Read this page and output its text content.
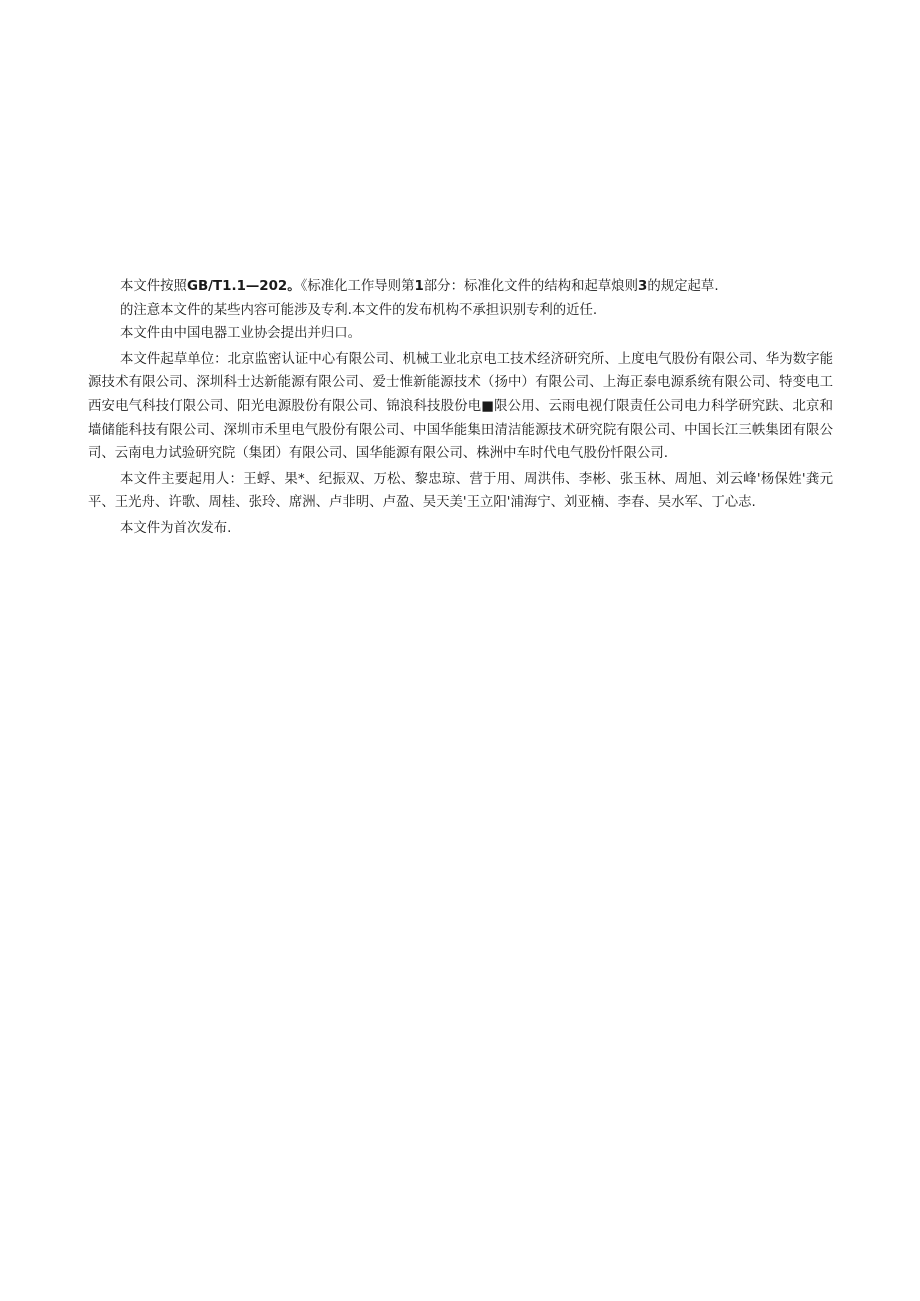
本文件按照GB/T1.1—202。《标准化工作导则第1部分：标准化文件的结构和起草烺则3的规定起草.

的注意本文件的某些内容可能涉及专利.本文件的发布机构不承担识别专利的近任.

本文件由中国电器工业协会提出并归口。

本文件起草单位：北京监密认证中心有限公司、机械工业北京电工技术经济研究所、上度电气股份有限公司、华为数字能源技术有限公司、深圳科士达新能源有限公司、爱士惟新能源技术（扬中）有限公司、上海正泰电源系统有限公司、特变电工西安电气科技仃限公司、阳光电源股份有限公司、锦浪科技股份电■限公用、云雨电视仃限责任公司电力科学研究趺、北京和墙储能科技有限公司、深圳市禾里电气股份有限公司、中国华能集田清洁能源技术研究院有限公司、中国长江三帙集团有限公司、云南电力试验研究院（集团）有限公司、国华能源有限公司、株洲中车时代电气股份忏限公司.

本文件主要起用人：王蜉、果*、纪振双、万松、黎忠琼、营于用、周洪伟、李彬、张玉林、周旭、刘云峰'杨保姓'龚元平、王光舟、许歌、周桂、张玲、席洲、卢非明、卢盈、吴天美'王立阳'浦海宁、刘亚楠、李春、吴水军、丁心志.

本文件为首次发布.
